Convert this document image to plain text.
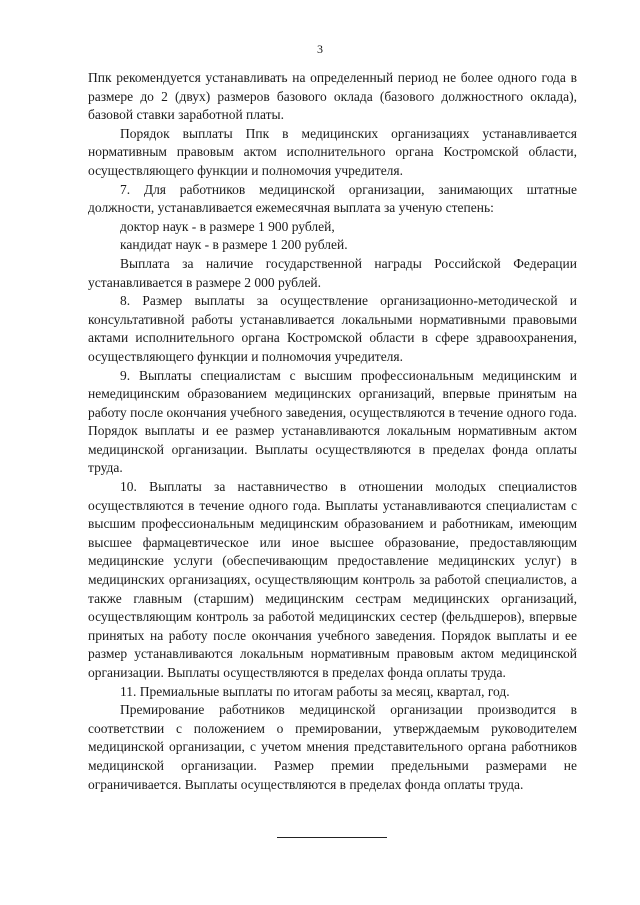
3

Ппк рекомендуется устанавливать на определенный период не более одного года в размере до 2 (двух) размеров базового оклада (базового должностного оклада), базовой ставки заработной платы.

Порядок выплаты Ппк в медицинских организациях устанавливается нормативным правовым актом исполнительного органа Костромской области, осуществляющего функции и полномочия учредителя.

7. Для работников медицинской организации, занимающих штатные должности, устанавливается ежемесячная выплата за ученую степень:

доктор наук - в размере 1 900 рублей,

кандидат наук - в размере 1 200 рублей.

Выплата за наличие государственной награды Российской Федерации устанавливается в размере 2 000 рублей.

8. Размер выплаты за осуществление организационно-методической и консультативной работы устанавливается локальными нормативными правовыми актами исполнительного органа Костромской области в сфере здравоохранения, осуществляющего функции и полномочия учредителя.

9. Выплаты специалистам с высшим профессиональным медицинским и немедицинским образованием медицинских организаций, впервые принятым на работу после окончания учебного заведения, осуществляются в течение одного года. Порядок выплаты и ее размер устанавливаются локальным нормативным актом медицинской организации. Выплаты осуществляются в пределах фонда оплаты труда.

10. Выплаты за наставничество в отношении молодых специалистов осуществляются в течение одного года. Выплаты устанавливаются специалистам с высшим профессиональным медицинским образованием и работникам, имеющим высшее фармацевтическое или иное высшее образование, предоставляющим медицинские услуги (обеспечивающим предоставление медицинских услуг) в медицинских организациях, осуществляющим контроль за работой специалистов, а также главным (старшим) медицинским сестрам медицинских организаций, осуществляющим контроль за работой медицинских сестер (фельдшеров), впервые принятых на работу после окончания учебного заведения. Порядок выплаты и ее размер устанавливаются локальным нормативным правовым актом медицинской организации. Выплаты осуществляются в пределах фонда оплаты труда.

11. Премиальные выплаты по итогам работы за месяц, квартал, год.

Премирование работников медицинской организации производится в соответствии с положением о премировании, утверждаемым руководителем медицинской организации, с учетом мнения представительного органа работников медицинской организации. Размер премии предельными размерами не ограничивается. Выплаты осуществляются в пределах фонда оплаты труда.
